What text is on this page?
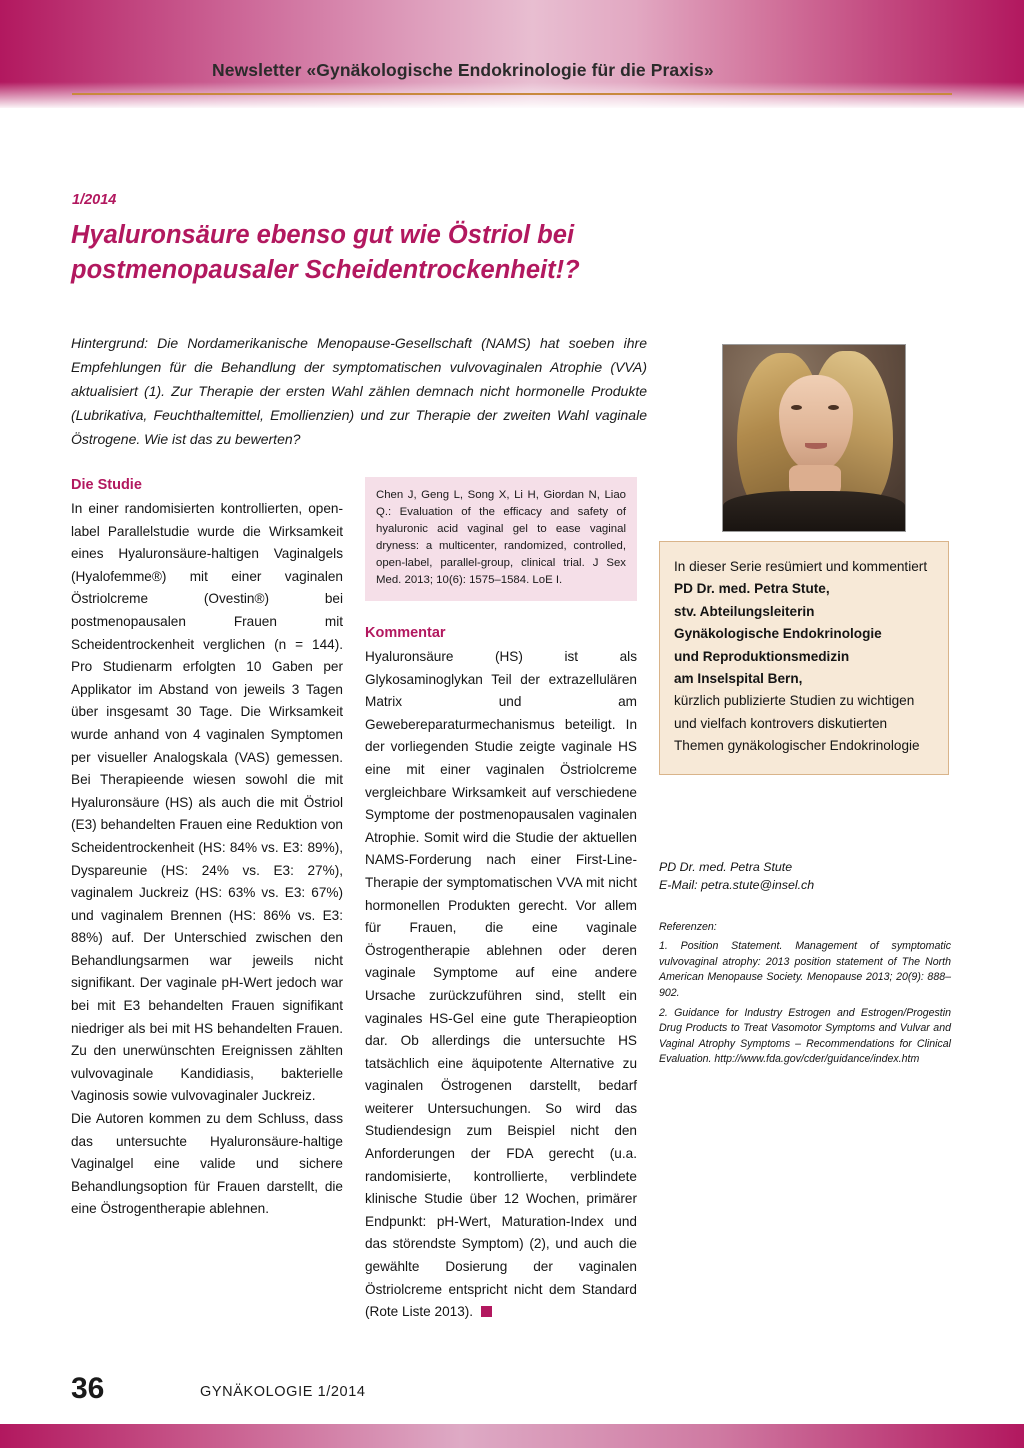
Newsletter «Gynäkologische Endokrinologie für die Praxis»
1/2014
Hyaluronsäure ebenso gut wie Östriol bei postmenopausaler Scheidentrockenheit!?
Hintergrund: Die Nordamerikanische Menopause-Gesellschaft (NAMS) hat soeben ihre Empfehlungen für die Behandlung der symptomatischen vulvovaginalen Atrophie (VVA) aktualisiert (1). Zur Therapie der ersten Wahl zählen demnach nicht hormonelle Produkte (Lubrikativa, Feuchthaltemittel, Emollienzien) und zur Therapie der zweiten Wahl vaginale Östrogene. Wie ist das zu bewerten?
Die Studie

In einer randomisierten kontrollierten, open-label Parallelstudie wurde die Wirksamkeit eines Hyaluronsäure-haltigen Vaginalgels (Hyalofemme®) mit einer vaginalen Östriolcreme (Ovestin®) bei postmenopausalen Frauen mit Scheidentrockenheit verglichen (n = 144). Pro Studienarm erfolgten 10 Gaben per Applikator im Abstand von jeweils 3 Tagen über insgesamt 30 Tage. Die Wirksamkeit wurde anhand von 4 vaginalen Symptomen per visueller Analogskala (VAS) gemessen. Bei Therapieende wiesen sowohl die mit Hyaluronsäure (HS) als auch die mit Östriol (E3) behandelten Frauen eine Reduktion von Scheidentrockenheit (HS: 84% vs. E3: 89%), Dyspareunie (HS: 24% vs. E3: 27%), vaginalem Juckreiz (HS: 63% vs. E3: 67%) und vaginalem Brennen (HS: 86% vs. E3: 88%) auf. Der Unterschied zwischen den Behandlungsarmen war jeweils nicht signifikant. Der vaginale pH-Wert jedoch war bei mit E3 behandelten Frauen signifikant niedriger als bei mit HS behandelten Frauen. Zu den unerwünschten Ereignissen zählten vulvovaginale Kandidiasis, bakterielle Vaginosis sowie vulvovaginaler Juckreiz.

Die Autoren kommen zu dem Schluss, dass das untersuchte Hyaluronsäure-haltige Vaginalgel eine valide und sichere Behandlungsoption für Frauen darstellt, die eine Östrogentherapie ablehnen.

Chen J, Geng L, Song X, Li H, Giordan N, Liao Q.: Evaluation of the efficacy and safety of hyaluronic acid vaginal gel to ease vaginal dryness: a multicenter, randomized, controlled, open-label, parallel-group, clinical trial. J Sex Med. 2013; 10(6): 1575–1584. LoE I.
Kommentar

Hyaluronsäure (HS) ist als Glykosaminoglykan Teil der extrazellulären Matrix und am Gewebereparaturmechanismus beteiligt. In der vorliegenden Studie zeigte vaginale HS eine mit einer vaginalen Östriolcreme vergleichbare Wirksamkeit auf verschiedene Symptome der postmenopausalen vaginalen Atrophie. Somit wird die Studie der aktuellen NAMS-Forderung nach einer First-Line-Therapie der symptomatischen VVA mit nicht hormonellen Produkten gerecht. Vor allem für Frauen, die eine vaginale Östrogentherapie ablehnen oder deren vaginale Symptome auf eine andere Ursache zurückzuführen sind, stellt ein vaginales HS-Gel eine gute Therapieoption dar. Ob allerdings die untersuchte HS tatsächlich eine äquipotente Alternative zu vaginalen Östrogenen darstellt, bedarf weiterer Untersuchungen. So wird das Studiendesign zum Beispiel nicht den Anforderungen der FDA gerecht (u.a. randomisierte, kontrollierte, verblindete klinische Studie über 12 Wochen, primärer Endpunkt: pH-Wert, Maturation-Index und das störendste Symptom) (2), und auch die gewählte Dosierung der vaginalen Östriolcreme entspricht nicht dem Standard (Rote Liste 2013).

In dieser Serie resümiert und kommentiert
PD Dr. med. Petra Stute,
stv. Abteilungsleiterin
Gynäkologische Endokrinologie
und Reproduktionsmedizin
am Inselspital Bern,
kürzlich publizierte Studien zu wichtigen und vielfach kontrovers diskutierten Themen gynäkologischer Endokrinologie
PD Dr. med. Petra Stute
E-Mail: petra.stute@insel.ch
Referenzen:

1. Position Statement. Management of symptomatic vulvovaginal atrophy: 2013 position statement of The North American Menopause Society. Menopause 2013; 20(9): 888–902.

2. Guidance for Industry Estrogen and Estrogen/Progestin Drug Products to Treat Vasomotor Symptoms and Vulvar and Vaginal Atrophy Symptoms – Recommendations for Clinical Evaluation. http://www.fda.gov/cder/guidance/index.htm

36	GYNÄKOLOGIE 1/2014
